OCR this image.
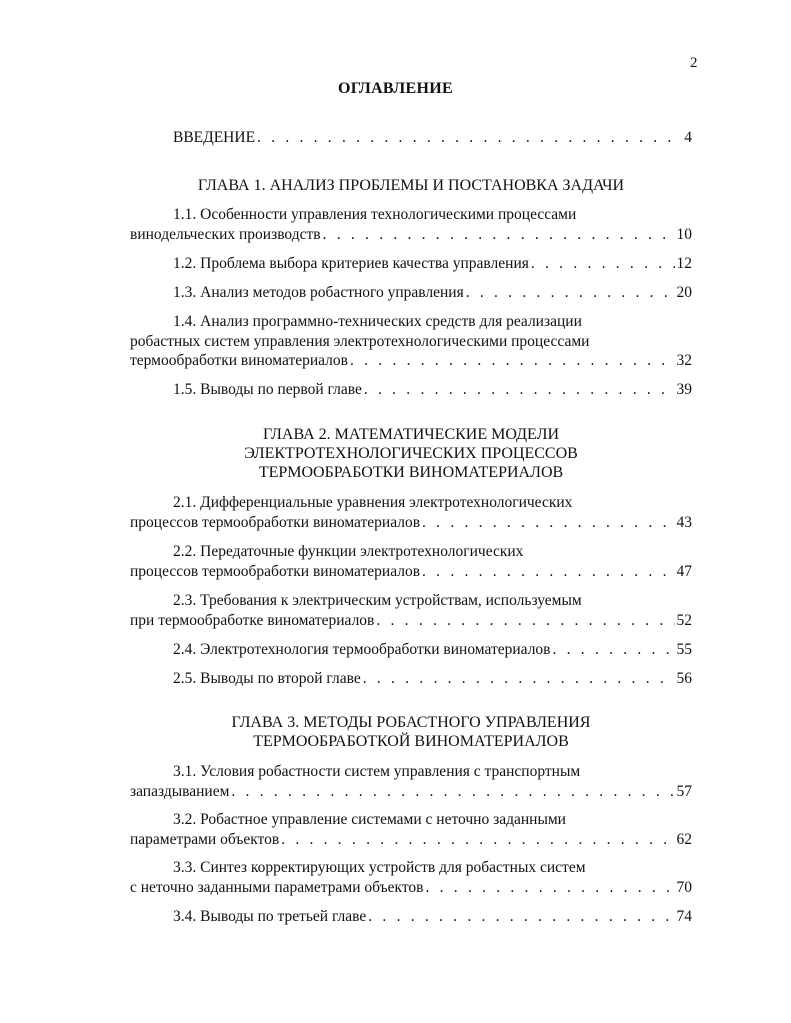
2
ОГЛАВЛЕНИЕ
ВВЕДЕНИЕ . . .	4
ГЛАВА 1. АНАЛИЗ ПРОБЛЕМЫ И ПОСТАНОВКА ЗАДАЧИ
1.1. Особенности управления технологическими процессами
винодельческих производств . . .	10
1.2. Проблема выбора критериев качества управления . . .	12
1.3. Анализ методов робастного управления . . .	20
1.4. Анализ программно-технических средств для реализации
робастных систем управления электротехнологическими процессами
термообработки виноматериалов . . .	32
1.5. Выводы по первой главе . . .	39
ГЛАВА 2. МАТЕМАТИЧЕСКИЕ МОДЕЛИ
ЭЛЕКТРОТЕХНОЛОГИЧЕСКИХ ПРОЦЕССОВ
ТЕРМООБРАБОТКИ ВИНОМАТЕРИАЛОВ
2.1. Дифференциальные уравнения электротехнологических
процессов термообработки виноматериалов . . .	43
2.2. Передаточные функции электротехнологических
процессов термообработки виноматериалов . . .	47
2.3. Требования к электрическим устройствам, используемым
при термообработке виноматериалов . . .	52
2.4. Электротехнология термообработки виноматериалов . . .	55
2.5. Выводы по второй главе . . .	56
ГЛАВА 3. МЕТОДЫ РОБАСТНОГО УПРАВЛЕНИЯ
ТЕРМООБРАБОТКОЙ ВИНОМАТЕРИАЛОВ
3.1. Условия робастности систем управления с транспортным
запаздыванием . . .	57
3.2. Робастное управление системами с неточно заданными
параметрами объектов . . .	62
3.3. Синтез корректирующих устройств для робастных систем
с неточно заданными параметрами объектов . . .	70
3.4. Выводы по третьей главе . . .	74
